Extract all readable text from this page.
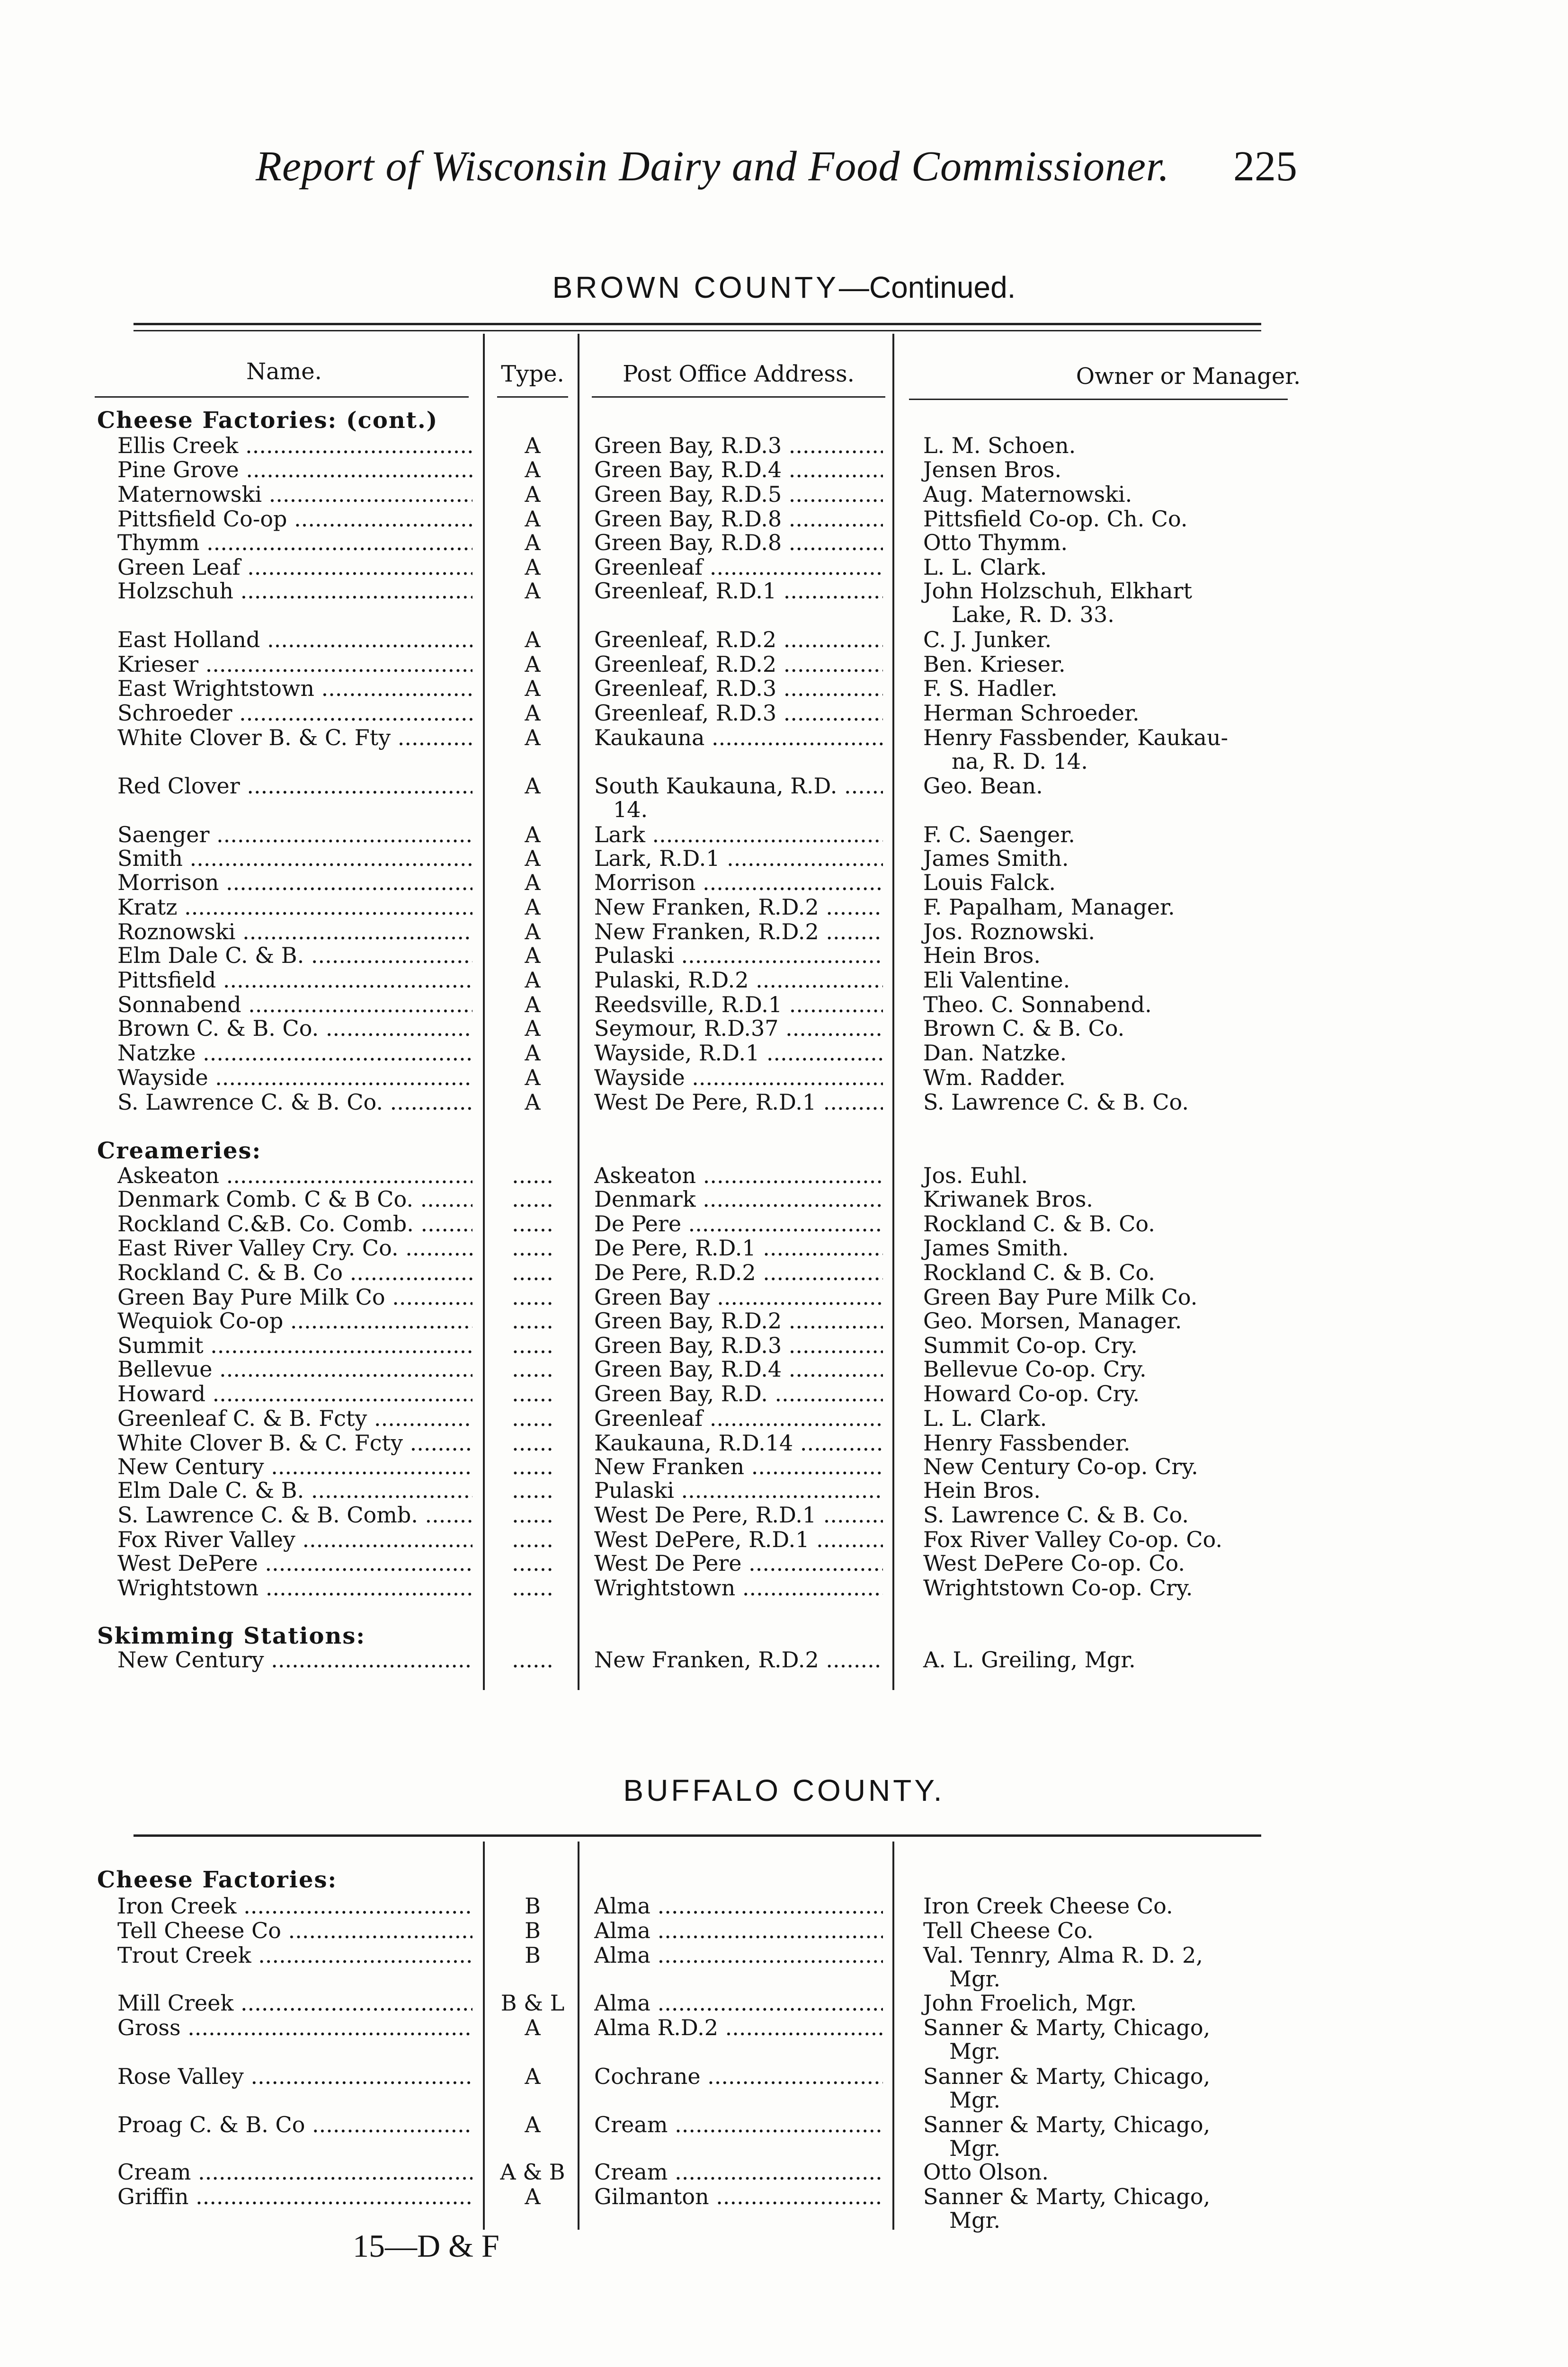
Report of Wisconsin Dairy and Food Commissioner. 225
BROWN COUNTY—Continued.
Name.	Type.	Post Office Address.	Owner or Manager.
Cheese Factories: (cont.)
Ellis Creek .....	A	Green Bay, R.D.3 .....	L. M. Schoen.
Pine Grove .....	A	Green Bay, R.D.4 .....	Jensen Bros.
Maternowski .....	A	Green Bay, R.D.5 .....	Aug. Maternowski.
Pittsfield Co-op .....	A	Green Bay, R.D.8 .....	Pittsfield Co-op. Ch. Co.
Thymm .....	A	Green Bay, R.D.8 .....	Otto Thymm.
Green Leaf .....	A	Greenleaf .....	L. L. Clark.
Holzschuh .....	A	Greenleaf, R.D.1 .....	John Holzschuh, Elkhart
Lake, R. D. 33.
East Holland .....	A	Greenleaf, R.D.2 .....	C. J. Junker.
Krieser .....	A	Greenleaf, R.D.2 .....	Ben. Krieser.
East Wrightstown .....	A	Greenleaf, R.D.3 .....	F. S. Hadler.
Schroeder .....	A	Greenleaf, R.D.3 .....	Herman Schroeder.
White Clover B. & C. Fty .....	A	Kaukauna .....	Henry Fassbender, Kaukau-
na, R. D. 14.
Red Clover .....	A	South Kaukauna, R.D. .....	Geo. Bean.
14.
Saenger .....	A	Lark .....	F. C. Saenger.
Smith .....	A	Lark, R.D.1 .....	James Smith.
Morrison .....	A	Morrison .....	Louis Falck.
Kratz .....	A	New Franken, R.D.2 .....	F. Papalham, Manager.
Roznowski .....	A	New Franken, R.D.2 .....	Jos. Roznowski.
Elm Dale C. & B. .....	A	Pulaski .....	Hein Bros.
Pittsfield .....	A	Pulaski, R.D.2 .....	Eli Valentine.
Sonnabend .....	A	Reedsville, R.D.1 .....	Theo. C. Sonnabend.
Brown C. & B. Co. .....	A	Seymour, R.D.37 .....	Brown C. & B. Co.
Natzke .....	A	Wayside, R.D.1 .....	Dan. Natzke.
Wayside .....	A	Wayside .....	Wm. Radder.
S. Lawrence C. & B. Co. .....	A	West De Pere, R.D.1 .....	S. Lawrence C. & B. Co.
Creameries:
Askeaton .....	......	Askeaton .....	Jos. Euhl.
Denmark Comb. C & B Co. .....	......	Denmark .....	Kriwanek Bros.
Rockland C.&B. Co. Comb. .....	......	De Pere .....	Rockland C. & B. Co.
East River Valley Cry. Co. .....	......	De Pere, R.D.1 .....	James Smith.
Rockland C. & B. Co .....	......	De Pere, R.D.2 .....	Rockland C. & B. Co.
Green Bay Pure Milk Co .....	......	Green Bay .....	Green Bay Pure Milk Co.
Wequiok Co-op .....	......	Green Bay, R.D.2 .....	Geo. Morsen, Manager.
Summit .....	......	Green Bay, R.D.3 .....	Summit Co-op. Cry.
Bellevue .....	......	Green Bay, R.D.4 .....	Bellevue Co-op. Cry.
Howard .....	......	Green Bay, R.D. .....	Howard Co-op. Cry.
Greenleaf C. & B. Fcty .....	......	Greenleaf .....	L. L. Clark.
White Clover B. & C. Fcty .....	......	Kaukauna, R.D.14 .....	Henry Fassbender.
New Century .....	......	New Franken .....	New Century Co-op. Cry.
Elm Dale C. & B. .....	......	Pulaski .....	Hein Bros.
S. Lawrence C. & B. Comb. .....	......	West De Pere, R.D.1 .....	S. Lawrence C. & B. Co.
Fox River Valley .....	......	West DePere, R.D.1 .....	Fox River Valley Co-op. Co.
West DePere .....	......	West De Pere .....	West DePere Co-op. Co.
Wrightstown .....	......	Wrightstown .....	Wrightstown Co-op. Cry.
Skimming Stations:
New Century .....	......	New Franken, R.D.2 .....	A. L. Greiling, Mgr.
BUFFALO COUNTY.
Cheese Factories:
Iron Creek .....	B	Alma .....	Iron Creek Cheese Co.
Tell Cheese Co .....	B	Alma .....	Tell Cheese Co.
Trout Creek .....	B	Alma .....	Val. Tennry, Alma R. D. 2,
Mgr.
Mill Creek .....	B & L	Alma .....	John Froelich, Mgr.
Gross .....	A	Alma R.D.2 .....	Sanner & Marty, Chicago,
Mgr.
Rose Valley .....	A	Cochrane .....	Sanner & Marty, Chicago,
Mgr.
Proag C. & B. Co .....	A	Cream .....	Sanner & Marty, Chicago,
Mgr.
Cream .....	A & B	Cream .....	Otto Olson.
Griffin .....	A	Gilmanton .....	Sanner & Marty, Chicago,
Mgr.
15—D & F
